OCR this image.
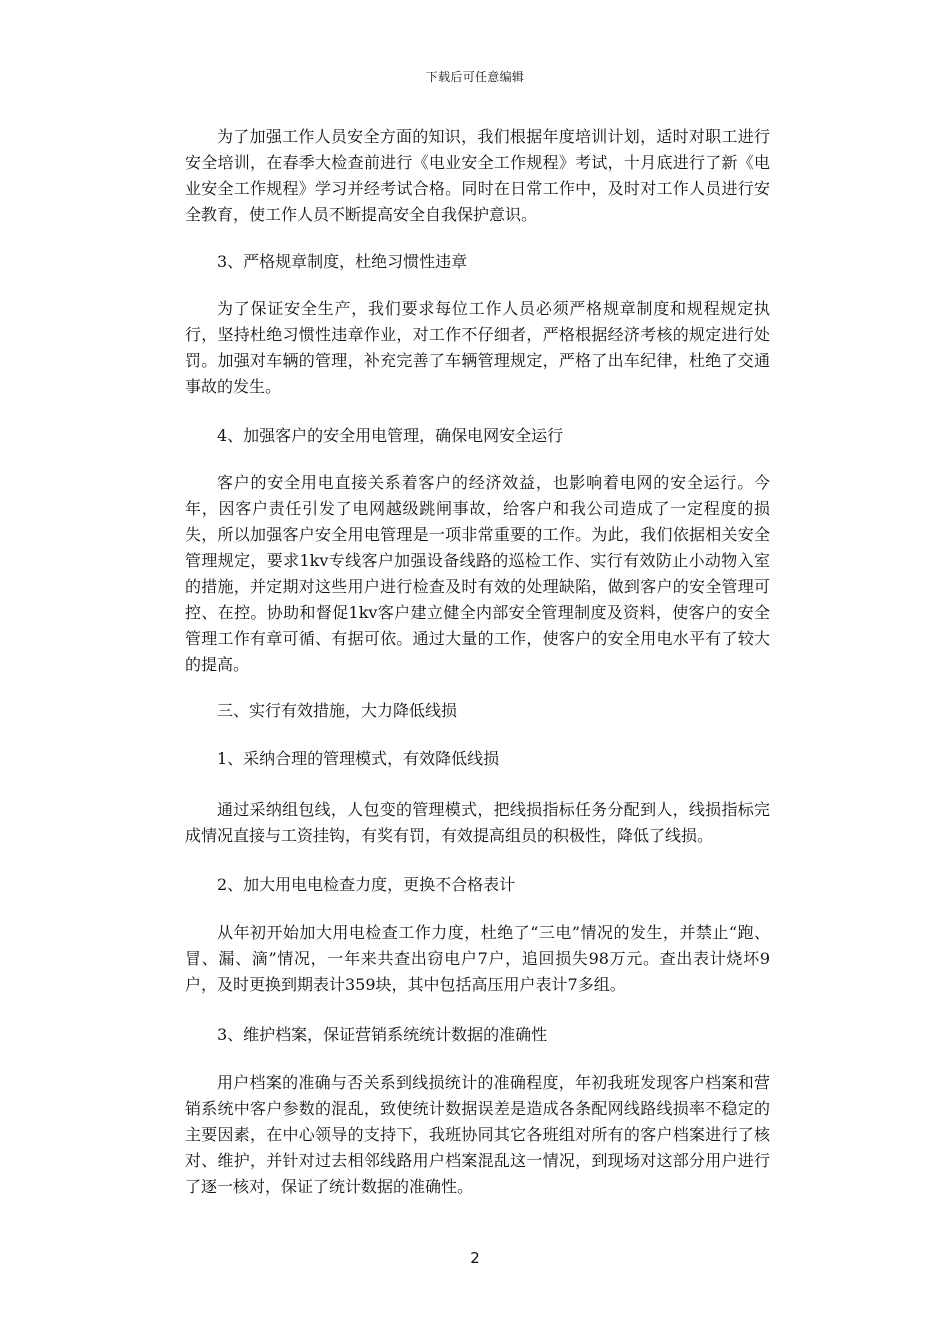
下载后可任意编辑

为了加强工作人员安全方面的知识，我们根据年度培训计划，适时对职工进行安全培训，在春季大检查前进行《电业安全工作规程》考试，十月底进行了新《电业安全工作规程》学习并经考试合格。同时在日常工作中，及时对工作人员进行安全教育，使工作人员不断提高安全自我保护意识。

3、严格规章制度，杜绝习惯性违章

为了保证安全生产，我们要求每位工作人员必须严格规章制度和规程规定执行，坚持杜绝习惯性违章作业，对工作不仔细者，严格根据经济考核的规定进行处罚。加强对车辆的管理，补充完善了车辆管理规定，严格了出车纪律，杜绝了交通事故的发生。

4、加强客户的安全用电管理，确保电网安全运行

客户的安全用电直接关系着客户的经济效益，也影响着电网的安全运行。今年，因客户责任引发了电网越级跳闸事故，给客户和我公司造成了一定程度的损失，所以加强客户安全用电管理是一项非常重要的工作。为此，我们依据相关安全管理规定，要求1kv专线客户加强设备线路的巡检工作、实行有效防止小动物入室的措施，并定期对这些用户进行检查及时有效的处理缺陷，做到客户的安全管理可控、在控。协助和督促1kv客户建立健全内部安全管理制度及资料，使客户的安全管理工作有章可循、有据可依。通过大量的工作，使客户的安全用电水平有了较大的提高。

三、实行有效措施，大力降低线损

1、采纳合理的管理模式，有效降低线损

通过采纳组包线，人包变的管理模式，把线损指标任务分配到人，线损指标完成情况直接与工资挂钩，有奖有罚，有效提高组员的积极性，降低了线损。

2、加大用电电检查力度，更换不合格表计

从年初开始加大用电检查工作力度，杜绝了“三电”情况的发生，并禁止“跑、冒、漏、滴”情况，一年来共查出窃电户7户，追回损失98万元。查出表计烧坏9户，及时更换到期表计359块，其中包括高压用户表计7多组。

3、维护档案，保证营销系统统计数据的准确性

用户档案的准确与否关系到线损统计的准确程度，年初我班发现客户档案和营销系统中客户参数的混乱，致使统计数据误差是造成各条配网线路线损率不稳定的主要因素，在中心领导的支持下，我班协同其它各班组对所有的客户档案进行了核对、维护，并针对过去相邻线路用户档案混乱这一情况，到现场对这部分用户进行了逐一核对，保证了统计数据的准确性。

2
